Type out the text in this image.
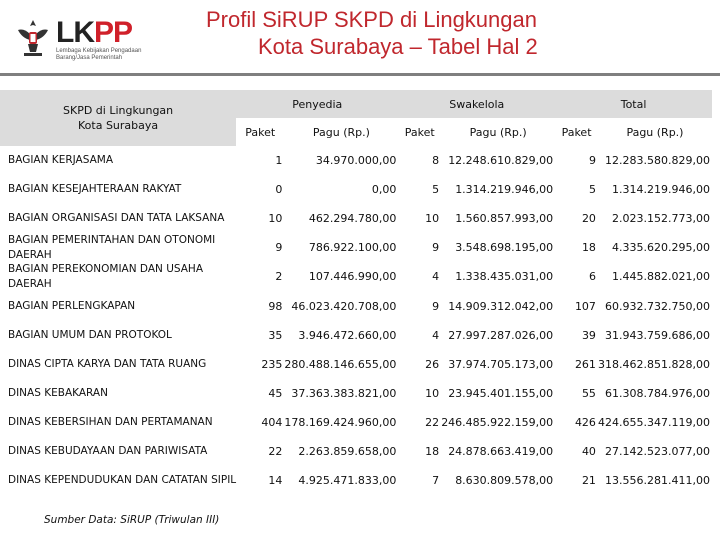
LKPP
Lembaga Kebijakan Pengadaan Barang/Jasa Pemerintah
Profil SiRUP SKPD di Lingkungan
Kota Surabaya – Tabel Hal 2
SKPD di Lingkungan
Kota Surabaya	Penyedia		Swakelola		Total	
	Paket	Pagu (Rp.)	Paket	Pagu (Rp.)	Paket	Pagu (Rp.)

BAGIAN KERJASAMA	1	34.970.000,00	8	12.248.610.829,00	9	12.283.580.829,00

BAGIAN KESEJAHTERAAN RAKYAT	0	0,00	5	1.314.219.946,00	5	1.314.219.946,00

BAGIAN ORGANISASI DAN TATA LAKSANA	10	462.294.780,00	10	1.560.857.993,00	20	2.023.152.773,00

BAGIAN PEMERINTAHAN DAN OTONOMI
DAERAH	9	786.922.100,00	9	3.548.698.195,00	18	4.335.620.295,00

BAGIAN PEREKONOMIAN DAN USAHA
DAERAH	2	107.446.990,00	4	1.338.435.031,00	6	1.445.882.021,00

BAGIAN PERLENGKAPAN	98	46.023.420.708,00	9	14.909.312.042,00	107	60.932.732.750,00

BAGIAN UMUM DAN PROTOKOL	35	3.946.472.660,00	4	27.997.287.026,00	39	31.943.759.686,00

DINAS CIPTA KARYA DAN TATA RUANG	235	280.488.146.655,00	26	37.974.705.173,00	261	318.462.851.828,00

DINAS KEBAKARAN	45	37.363.383.821,00	10	23.945.401.155,00	55	61.308.784.976,00

DINAS KEBERSIHAN DAN PERTAMANAN	404	178.169.424.960,00	22	246.485.922.159,00	426	424.655.347.119,00

DINAS KEBUDAYAAN DAN PARIWISATA	22	2.263.859.658,00	18	24.878.663.419,00	40	27.142.523.077,00

DINAS KEPENDUDUKAN DAN CATATAN SIPIL	14	4.925.471.833,00	7	8.630.809.578,00	21	13.556.281.411,00
Sumber Data: SiRUP (Triwulan III)
